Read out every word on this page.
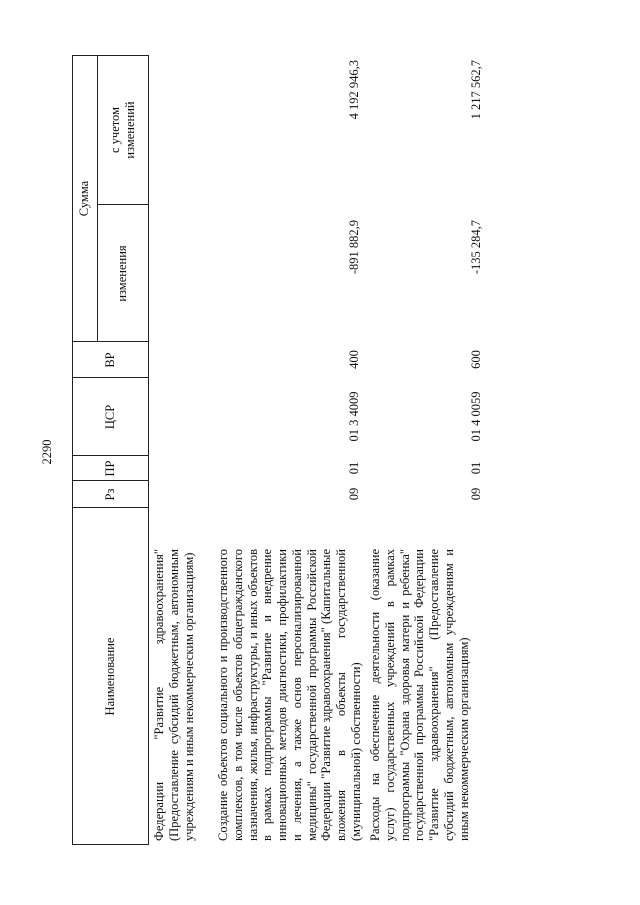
2290
Наименование
Рз
ПР
ЦСР
ВР
Сумма
изменения
с учетом изменений
Федерации "Развитие здравоохранения" (Предоставление субсидий бюджетным, автономным учреждениям и иным некоммерческим организациям) Создание объектов социального и производственного комплексов, в том числе объектов общегражданского назначения, жилья, инфраструктуры, и иных объектов в рамках подпрограммы "Развитие и внедрение инновационных методов диагностики, профилактики и лечения, а также основ персонализированной медицины" государственной программы Российской Федерации "Развитие здравоохранения" (Капитальные вложения в объекты государственной (муниципальной) собственности)
09
01
01 3 4009
400
-891 882,9
4 192 946,3
Расходы на обеспечение деятельности (оказание услуг) государственных учреждений в рамках подпрограммы "Охрана здоровья матери и ребенка" государственной программы Российской Федерации "Развитие здравоохранения" (Предоставление субсидий бюджетным, автономным учреждениям и иным некоммерческим организациям)
09
01
01 4 0059
600
-135 284,7
1 217 562,7
